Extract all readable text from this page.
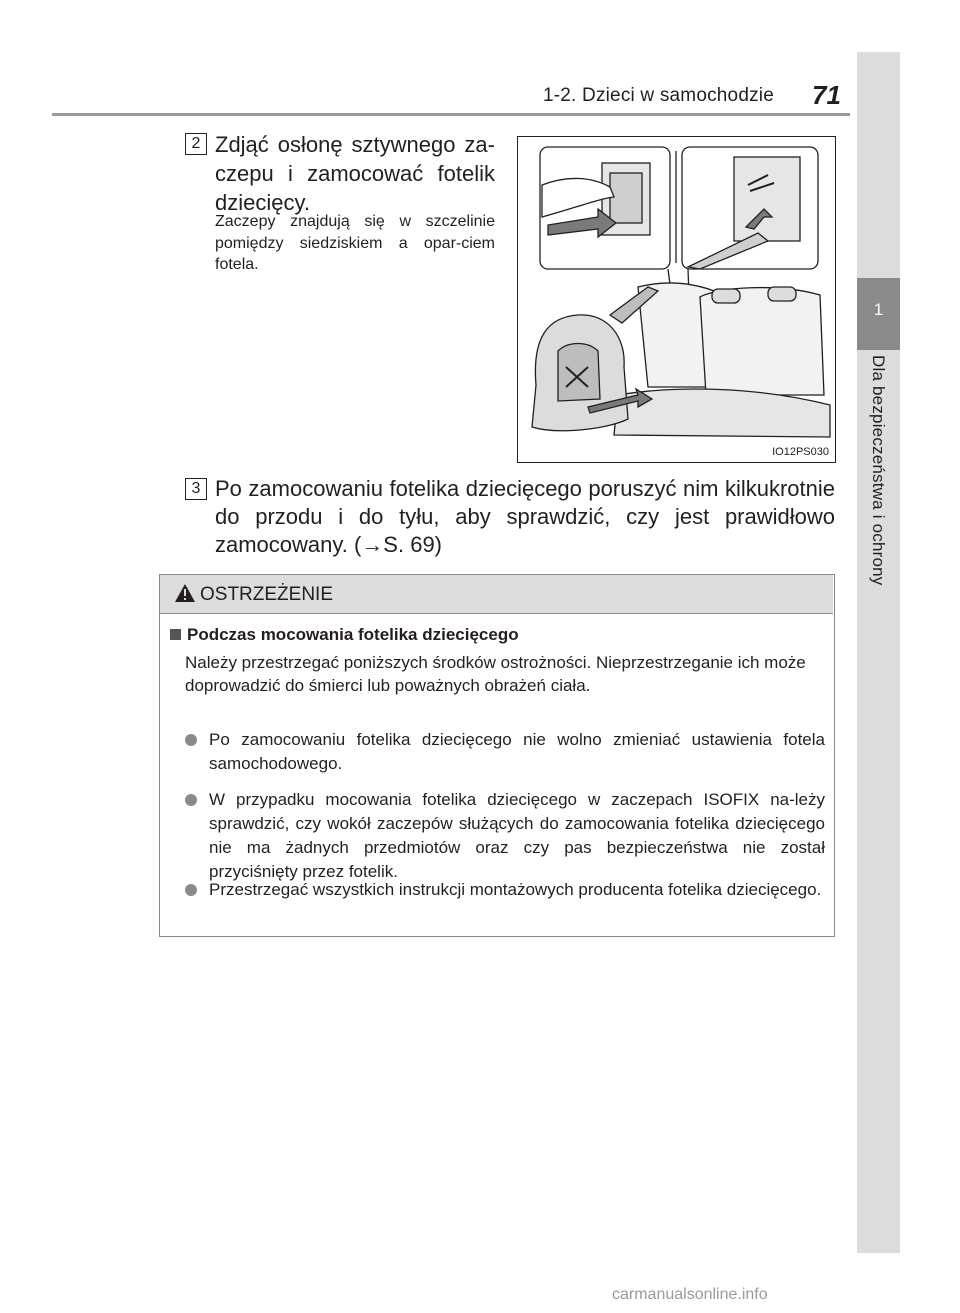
1-2. Dzieci w samochodzie 71
1
Dla bezpieczeństwa i ochrony
2 Zdjąć osłonę sztywnego za-czepu i zamocować fotelik dziecięcy.
Zaczepy znajdują się w szczelinie pomiędzy siedziskiem a opar-ciem fotela.
IO12PS030
3 Po zamocowaniu fotelika dziecięcego poruszyć nim kilkukrotnie do przodu i do tyłu, aby sprawdzić, czy jest prawidłowo zamocowany. (→S. 69)
OSTRZEŻENIE
Podczas mocowania fotelika dziecięcego
Należy przestrzegać poniższych środków ostrożności. Nieprzestrzeganie ich może doprowadzić do śmierci lub poważnych obrażeń ciała.
Po zamocowaniu fotelika dziecięcego nie wolno zmieniać ustawienia fotela samochodowego.
W przypadku mocowania fotelika dziecięcego w zaczepach ISOFIX na-leży sprawdzić, czy wokół zaczepów służących do zamocowania fotelika dziecięcego nie ma żadnych przedmiotów oraz czy pas bezpieczeństwa nie został przyciśnięty przez fotelik.
Przestrzegać wszystkich instrukcji montażowych producenta fotelika dziecięcego.
carmanualsonline.info
